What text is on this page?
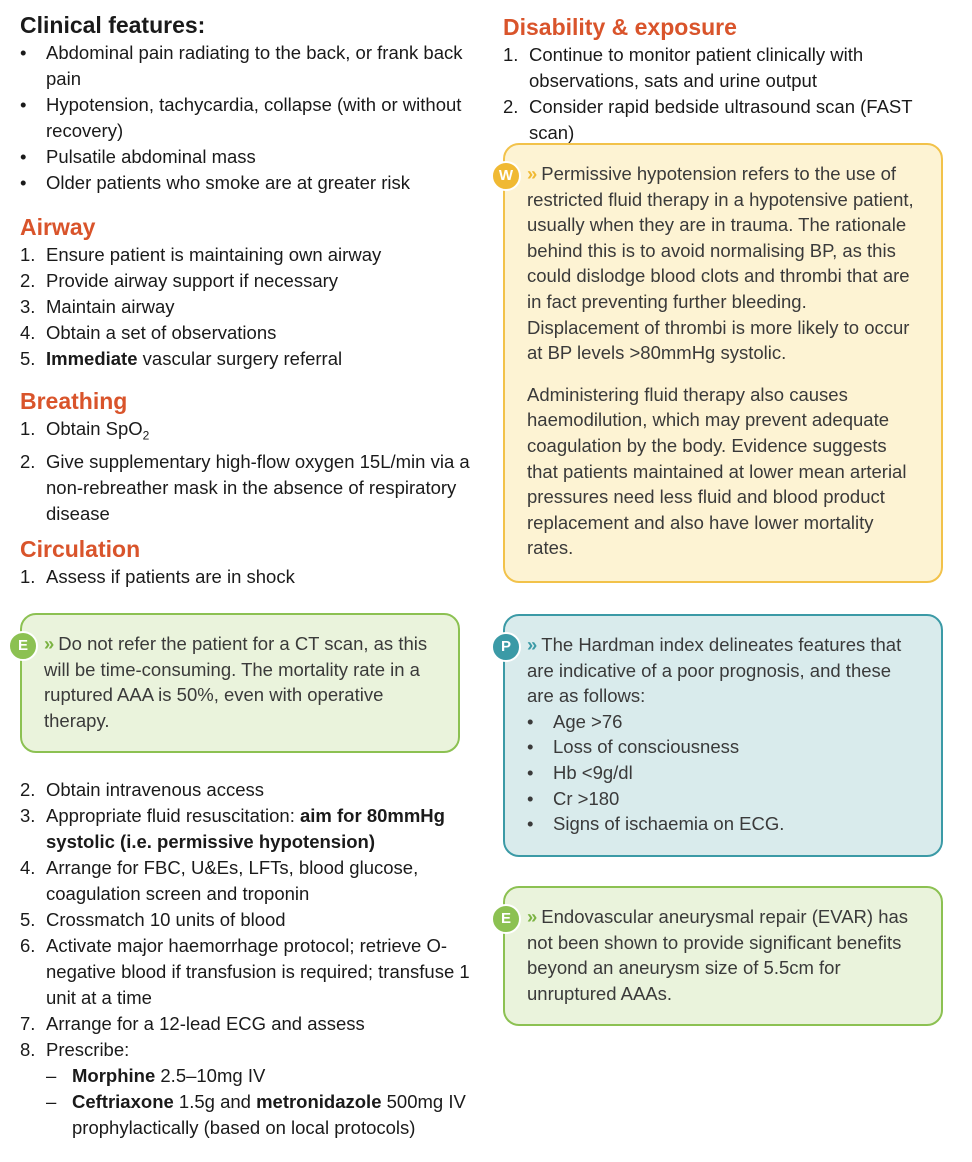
Clinical features:
•
Abdominal pain radiating to the back, or frank back pain
•
Hypotension, tachycardia, collapse (with or without recovery)
•
Pulsatile abdominal mass
•
Older patients who smoke are at greater risk
Airway
1. Ensure patient is maintaining own airway
2. Provide airway support if necessary
3. Maintain airway
4. Obtain a set of observations
5. Immediate vascular surgery referral
Breathing
1. Obtain SpO$_2$
2. Give supplementary high-flow oxygen 15L/min via a non-rebreather mask in the absence of respiratory disease
Circulation
1. Assess if patients are in shock
E » Do not refer the patient for a CT scan, as this will be time-consuming. The mortality rate in a ruptured AAA is 50%, even with operative therapy.

2. Obtain intravenous access
3. Appropriate fluid resuscitation: aim for 80mmHg systolic (i.e. permissive hypotension)
4. Arrange for FBC, U&Es, LFTs, blood glucose, coagulation screen and troponin
5. Crossmatch 10 units of blood
6. Activate major haemorrhage protocol; retrieve O-negative blood if transfusion is required; transfuse 1 unit at a time
7. Arrange for a 12-lead ECG and assess
8. Prescribe:
– Morphine 2.5–10mg IV
– Ceftriaxone 1.5g and metronidazole 500mg IV prophylactically (based on local protocols)
Disability & exposure
1. Continue to monitor patient clinically with observations, sats and urine output
2. Consider rapid bedside ultrasound scan (FAST scan)
W » Permissive hypotension refers to the use of restricted fluid therapy in a hypotensive patient, usually when they are in trauma. The rationale behind this is to avoid normalising BP, as this could dislodge blood clots and thrombi that are in fact preventing further bleeding. Displacement of thrombi is more likely to occur at BP levels >80mmHg systolic.

Administering fluid therapy also causes haemodilution, which may prevent adequate coagulation by the body. Evidence suggests that patients maintained at lower mean arterial pressures need less fluid and blood product replacement and also have lower mortality rates.

P » The Hardman index delineates features that are indicative of a poor prognosis, and these are as follows:

•
Age >76
•
Loss of consciousness
•
Hb <9g/dl
•
Cr >180
•
Signs of ischaemia on ECG.
E » Endovascular aneurysmal repair (EVAR) has not been shown to provide significant benefits beyond an aneurysm size of 5.5cm for unruptured AAAs.
